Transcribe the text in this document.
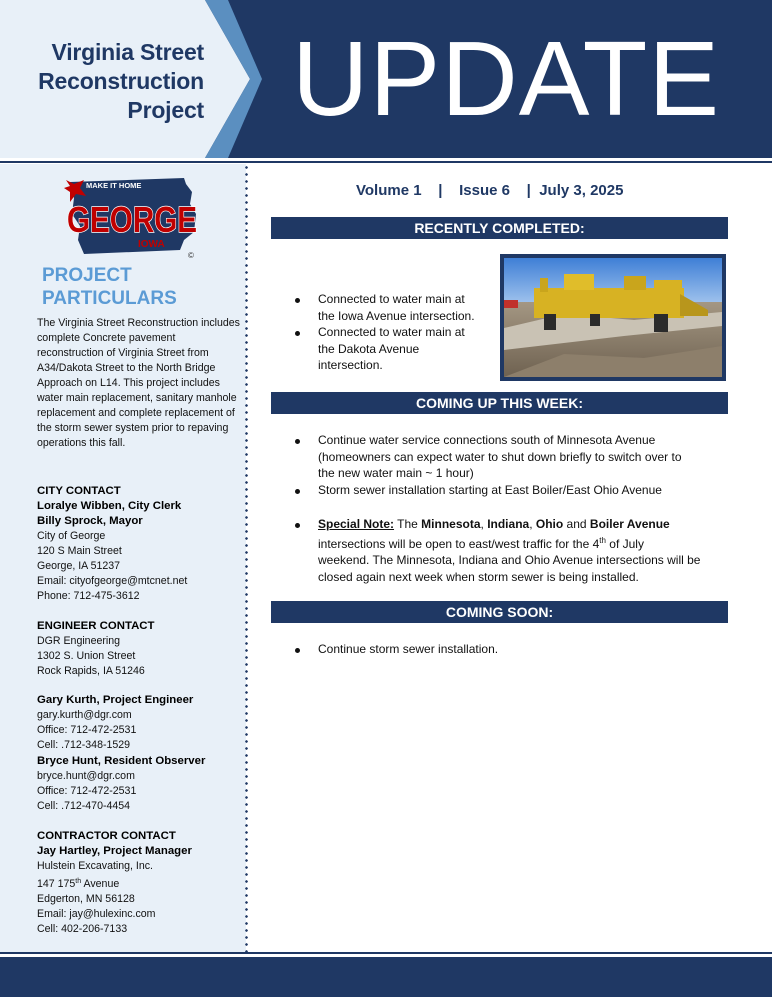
Virginia Street
Reconstruction
Project UPDATE
MAKE IT HOME
GEORGE
IOWA
©
PROJECT
PARTICULARS
The Virginia Street Reconstruction includes complete Concrete pavement reconstruction of Virginia Street from A34/Dakota Street to the North Bridge Approach on L14. This project includes water main replacement, sanitary manhole replacement and complete replacement of the storm sewer system prior to repaving operations this fall.
CITY CONTACT
Loralye Wibben, City Clerk
Billy Sprock, Mayor
City of George
120 S Main Street
George, IA 51237
Email: cityofgeorge@mtcnet.net
Phone: 712-475-3612
ENGINEER CONTACT
DGR Engineering
1302 S. Union Street
Rock Rapids, IA 51246
Gary Kurth, Project Engineer
gary.kurth@dgr.com
Office: 712-472-2531
Cell: .712-348-1529
Bryce Hunt, Resident Observer
bryce.hunt@dgr.com
Office: 712-472-2531
Cell: .712-470-4454
CONTRACTOR CONTACT
Jay Hartley, Project Manager
Hulstein Excavating, Inc.
147 175th Avenue
Edgerton, MN 56128
Email: jay@hulexinc.com
Cell: 402-206-7133
Volume 1 | Issue 6 | July 3, 2025
RECENTLY COMPLETED:
Connected to water main at
the Iowa Avenue intersection.
Connected to water main at
the Dakota Avenue
intersection.
COMING UP THIS WEEK:
Continue water service connections south of Minnesota Avenue
(homeowners can expect water to shut down briefly to switch over to
the new water main ~ 1 hour)
Storm sewer installation starting at East Boiler/East Ohio Avenue
Special Note: The Minnesota, Indiana, Ohio and Boiler Avenue
intersections will be open to east/west traffic for the 4th of July
weekend. The Minnesota, Indiana and Ohio Avenue intersections will be
closed again next week when storm sewer is being installed.
COMING SOON:
Continue storm sewer installation.
